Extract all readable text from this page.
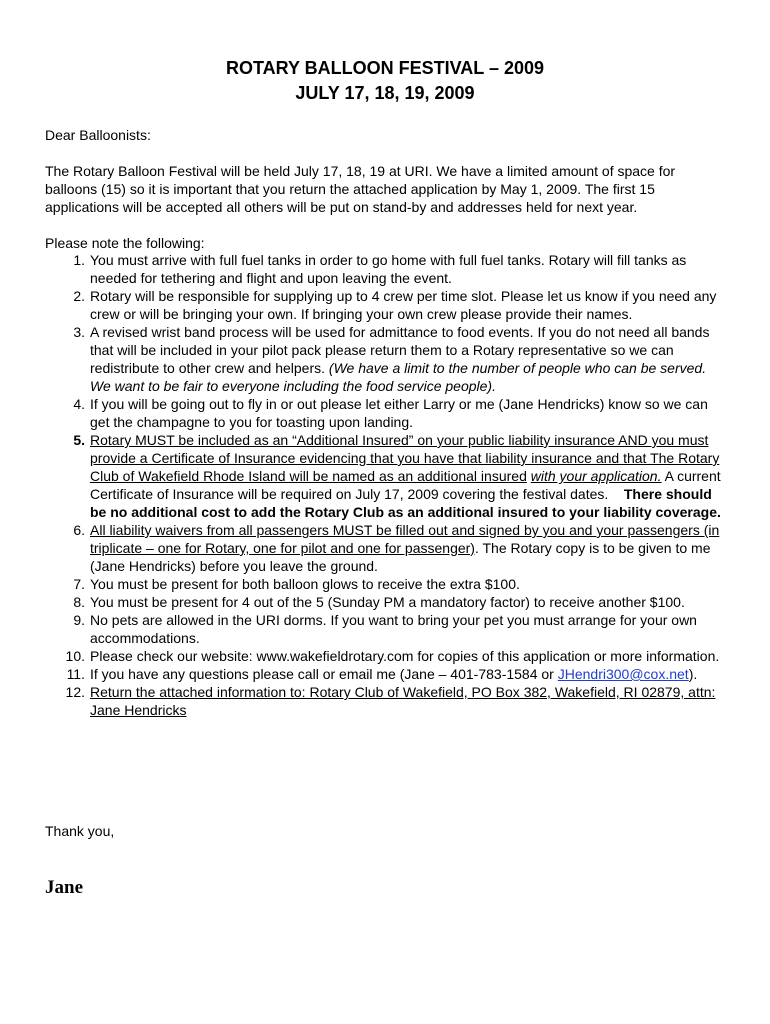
ROTARY BALLOON FESTIVAL – 2009
JULY 17, 18, 19, 2009

Dear Balloonists:

The Rotary Balloon Festival will be held July 17, 18, 19 at URI. We have a limited amount of space for balloons (15) so it is important that you return the attached application by May 1, 2009. The first 15 applications will be accepted all others will be put on stand-by and addresses held for next year.

Please note the following:

1. You must arrive with full fuel tanks in order to go home with full fuel tanks. Rotary will fill tanks as needed for tethering and flight and upon leaving the event.
2. Rotary will be responsible for supplying up to 4 crew per time slot. Please let us know if you need any crew or will be bringing your own. If bringing your own crew please provide their names.
3. A revised wrist band process will be used for admittance to food events. If you do not need all bands that will be included in your pilot pack please return them to a Rotary representative so we can redistribute to other crew and helpers. (We have a limit to the number of people who can be served. We want to be fair to everyone including the food service people).
4. If you will be going out to fly in or out please let either Larry or me (Jane Hendricks) know so we can get the champagne to you for toasting upon landing.
5. Rotary MUST be included as an “Additional Insured” on your public liability insurance AND you must provide a Certificate of Insurance evidencing that you have that liability insurance and that The Rotary Club of Wakefield Rhode Island will be named as an additional insured with your application. A current Certificate of Insurance will be required on July 17, 2009 covering the festival dates. There should be no additional cost to add the Rotary Club as an additional insured to your liability coverage.
6. All liability waivers from all passengers MUST be filled out and signed by you and your passengers (in triplicate – one for Rotary, one for pilot and one for passenger). The Rotary copy is to be given to me (Jane Hendricks) before you leave the ground.
7. You must be present for both balloon glows to receive the extra $100.
8. You must be present for 4 out of the 5 (Sunday PM a mandatory factor) to receive another $100.
9. No pets are allowed in the URI dorms. If you want to bring your pet you must arrange for your own accommodations.
10. Please check our website: www.wakefieldrotary.com for copies of this application or more information.
11. If you have any questions please call or email me (Jane – 401-783-1584 or JHendri300@cox.net).
12. Return the attached information to: Rotary Club of Wakefield, PO Box 382, Wakefield, RI 02879, attn: Jane Hendricks

Thank you,

Jane
